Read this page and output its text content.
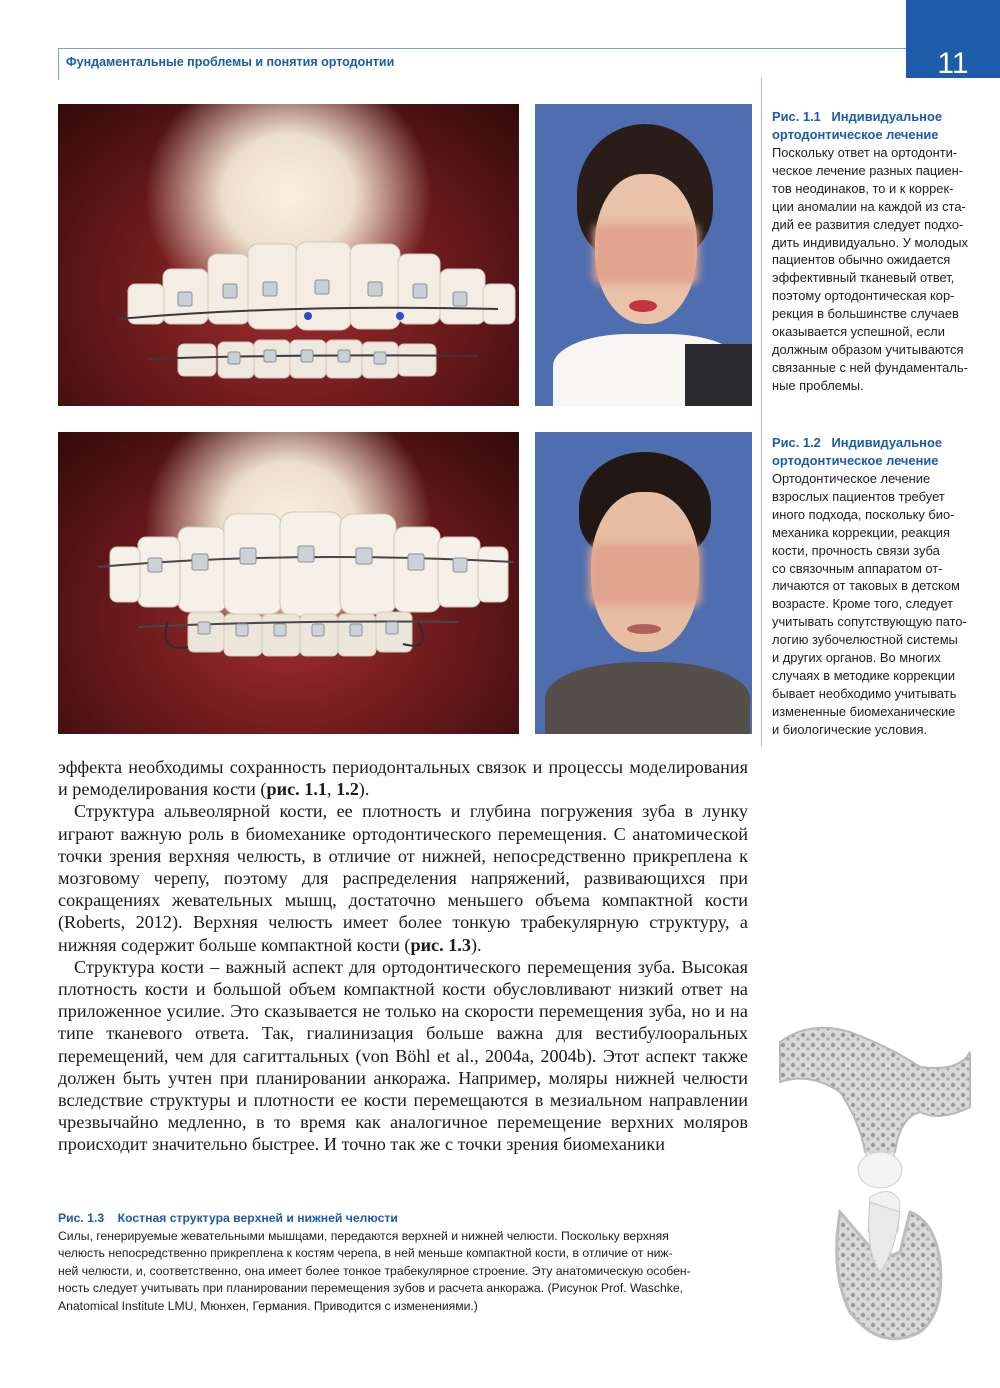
Фундаментальные проблемы и понятия ортодонтии	11
Рис. 1.1 Индивидуальное
ортодонтическое лечение
Поскольку ответ на ортодонти-
ческое лечение разных пациен-
тов неодинаков, то и к коррек-
ции аномалии на каждой из ста-
дий ее развития следует подхо-
дить индивидуально. У молодых
пациентов обычно ожидается
эффективный тканевый ответ,
поэтому ортодонтическая кор-
рекция в большинстве случаев
оказывается успешной, если
должным образом учитываются
связанные с ней фундаменталь-
ные проблемы.
Рис. 1.2 Индивидуальное
ортодонтическое лечение
Ортодонтическое лечение
взрослых пациентов требует
иного подхода, поскольку био-
механика коррекции, реакция
кости, прочность связи зуба
со связочным аппаратом от-
личаются от таковых в детском
возрасте. Кроме того, следует
учитывать сопутствующую пато-
логию зубочелюстной системы
и других органов. Во многих
случаях в методике коррекции
бывает необходимо учитывать
измененные биомеханические
и биологические условия.

эффекта необходимы сохранность периодонтальных связок и процессы моделирования и ремоделирования кости (рис. 1.1, 1.2).

Структура альвеолярной кости, ее плотность и глубина погружения зуба в лунку играют важную роль в биомеханике ортодонтического перемещения. С анатомической точки зрения верхняя челюсть, в отличие от нижней, непосредственно прикреплена к мозговому черепу, поэтому для распределения напряжений, развивающихся при сокращениях жевательных мышц, достаточно меньшего объема компактной кости (Roberts, 2012). Верхняя челюсть имеет более тонкую трабекулярную структуру, а нижняя содержит больше компактной кости (рис. 1.3).

Структура кости – важный аспект для ортодонтического перемещения зуба. Высокая плотность кости и большой объем компактной кости обусловливают низкий ответ на приложенное усилие. Это сказывается не только на скорости перемещения зуба, но и на типе тканевого ответа. Так, гиалинизация больше важна для вестибулооральных перемещений, чем для сагиттальных (von Böhl et al., 2004a, 2004b). Этот аспект также должен быть учтен при планировании анкоража. Например, моляры нижней челюсти вследствие структуры и плотности ее кости перемещаются в мезиальном направлении чрезвычайно медленно, в то время как аналогичное перемещение верхних моляров происходит значительно быстрее. И точно так же с точки зрения биомеханики

Рис. 1.3 Костная структура верхней и нижней челюсти
Силы, генерируемые жевательными мышцами, передаются верхней и нижней челюсти. Поскольку верхняя
челюсть непосредственно прикреплена к костям черепа, в ней меньше компактной кости, в отличие от ниж-
ней челюсти, и, соответственно, она имеет более тонкое трабекулярное строение. Эту анатомическую особен-
ность следует учитывать при планировании перемещения зубов и расчета анкоража. (Рисунок Prof. Waschke,
Anatomical Institute LMU, Мюнхен, Германия. Приводится с изменениями.)
